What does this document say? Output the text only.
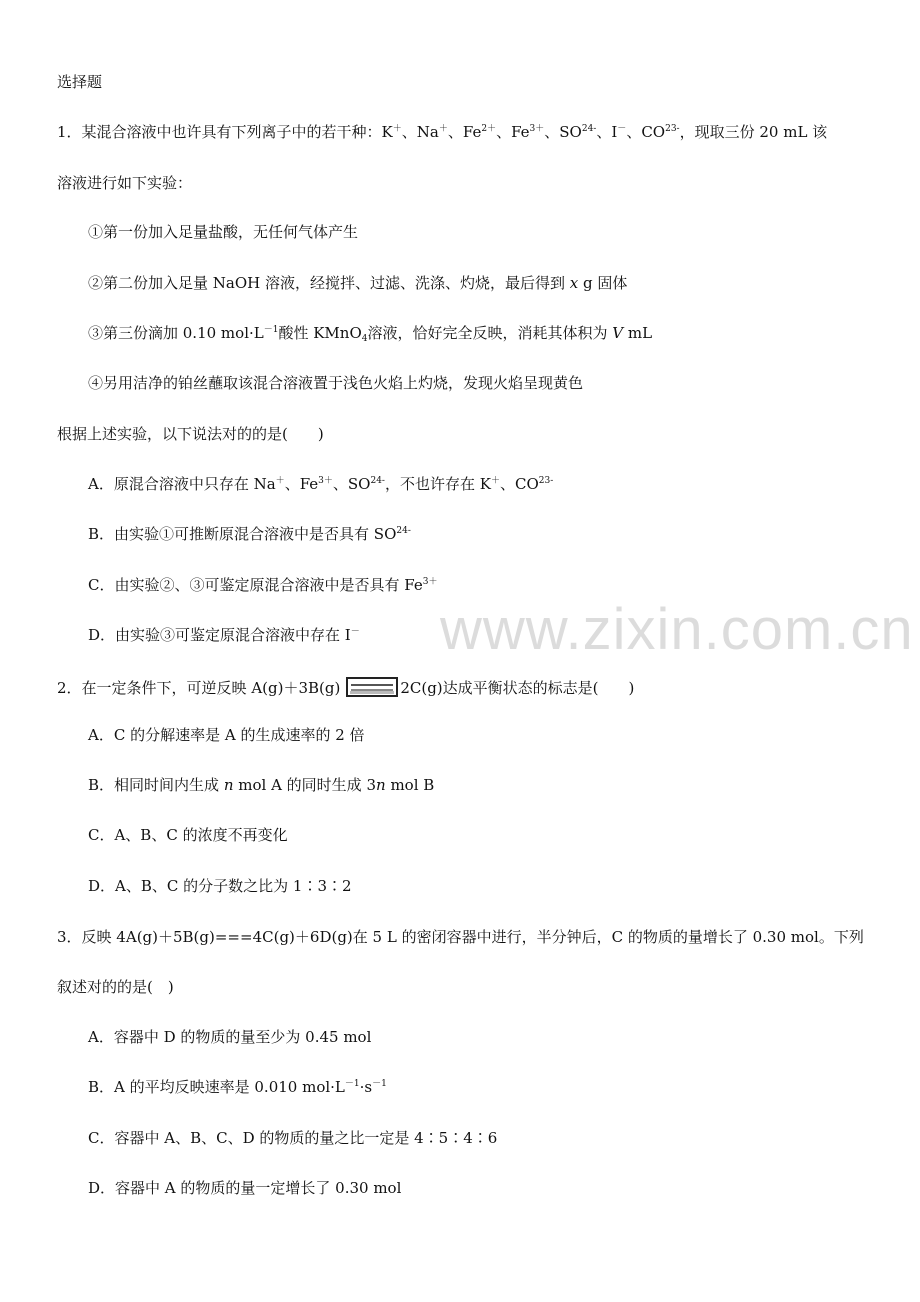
www.zixin.com.cn
选择题
1．某混合溶液中也许具有下列离子中的若干种：K＋、Na＋、$Fe^{2+}$、$Fe^{3+}$、$SO^{24-}$、I－、$CO^{23-}$，现取三份 20 mL 该
溶液进行如下实验：
①第一份加入足量盐酸，无任何气体产生
②第二份加入足量 NaOH 溶液，经搅拌、过滤、洗涤、灼烧，最后得到 x g 固体
③第三份滴加 0.10 $mol\cdot L^{-1}$酸性 KMnO$_4$溶液，恰好完全反映，消耗其体积为 V mL
④另用洁净的铂丝蘸取该混合溶液置于浅色火焰上灼烧，发现火焰呈现黄色
根据上述实验，以下说法对的的是(　　)
A．原混合溶液中只存在 Na＋、$Fe^{3+}$、$SO^{24-}$，不也许存在 K＋、$CO^{23-}$
B．由实验①可推断原混合溶液中是否具有 $SO^{24-}$
C．由实验②、③可鉴定原混合溶液中是否具有 $Fe^{3+}$
D．由实验③可鉴定原混合溶液中存在 I－
2．在一定条件下，可逆反映 A(g)＋3B(g)	2C(g)达成平衡状态的标志是(　　)
A．C 的分解速率是 A 的生成速率的 2 倍
B．相同时间内生成 n mol A 的同时生成 3n mol B
C．A、B、C 的浓度不再变化
D．A、B、C 的分子数之比为 1∶3∶2
3．反映 4A(g)＋5B(g)===4C(g)＋6D(g)在 5 L 的密闭容器中进行，半分钟后，C 的物质的量增长了 0.30 mol。下列
叙述对的的是(　)
A．容器中 D 的物质的量至少为 0.45 mol
B．A 的平均反映速率是 0.010 $mol\cdot L^{-1}\cdot s^{-1}$
C．容器中 A、B、C、D 的物质的量之比一定是 4∶5∶4∶6
D．容器中 A 的物质的量一定增长了 0.30 mol
